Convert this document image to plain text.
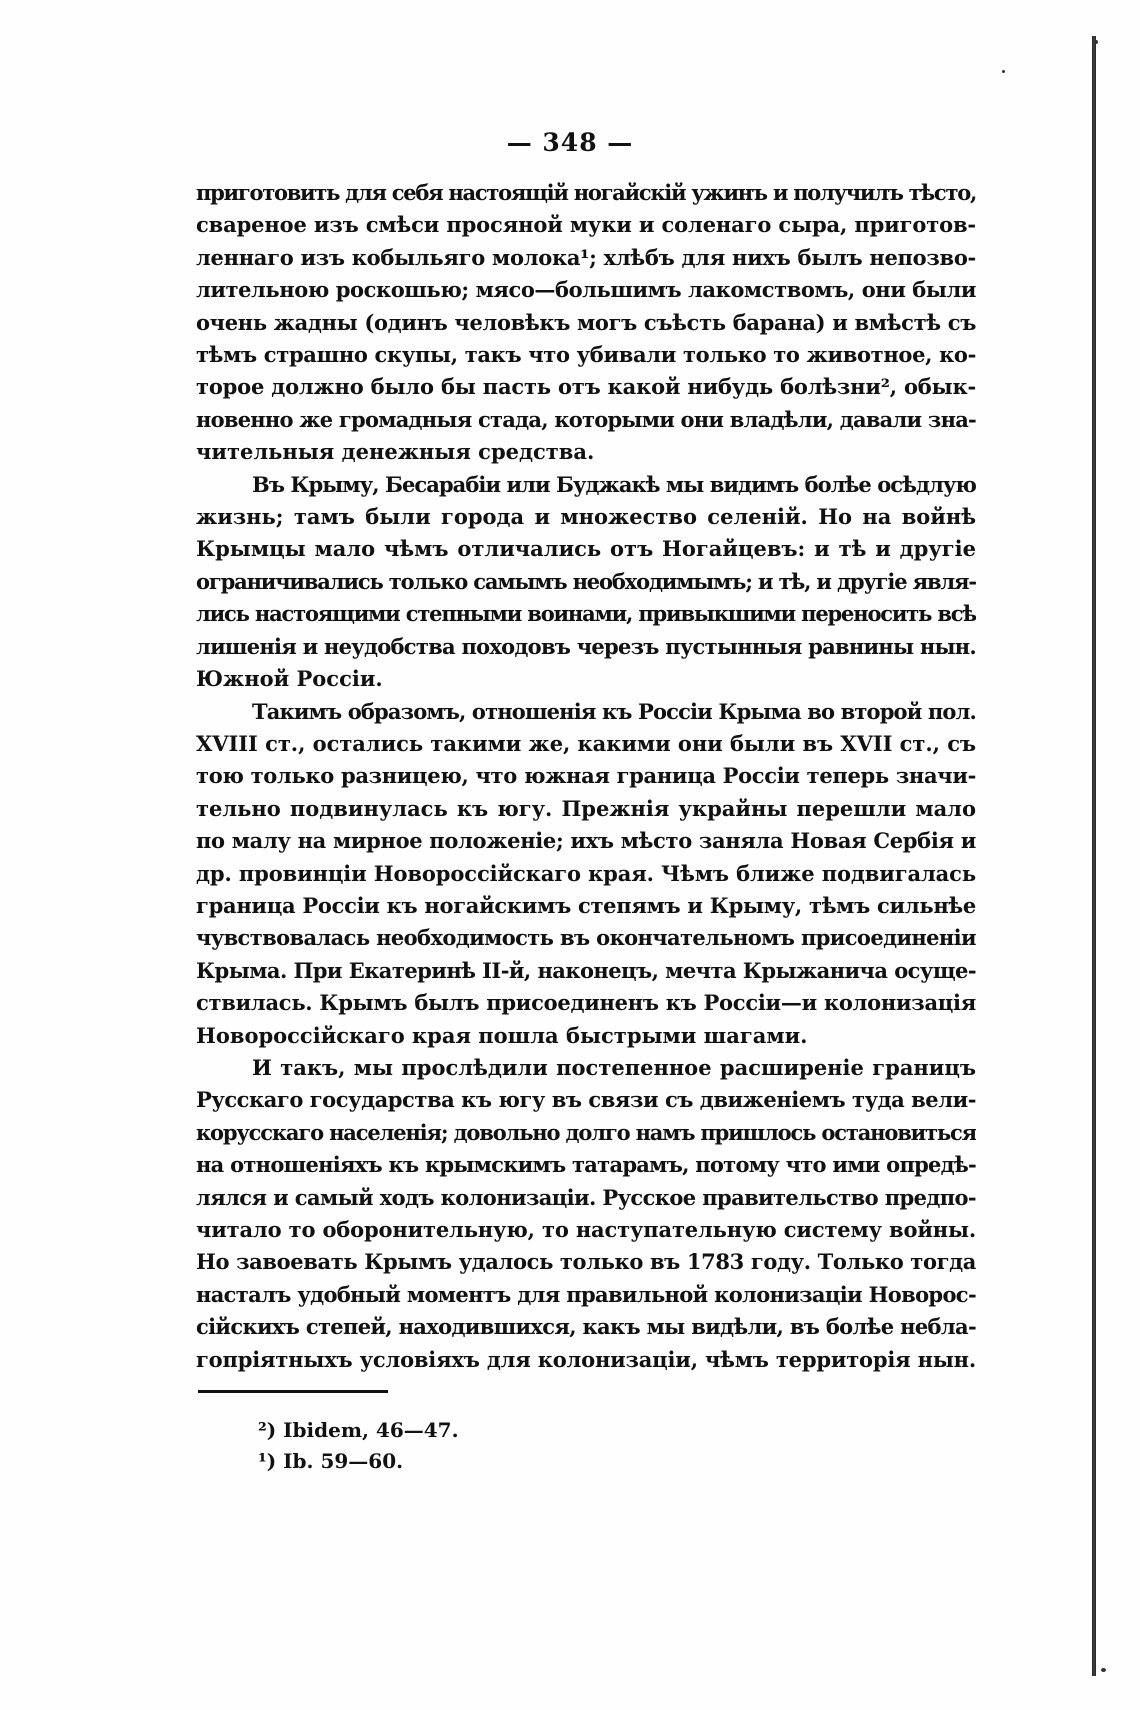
— 348 —
приготовить для себя настоящій ногайскій ужинъ и получилъ тѣсто,
свареное изъ смѣси просяной муки и соленаго сыра, приготов-
леннаго изъ кобыльяго молока¹; хлѣбъ для нихъ былъ непозво-
лительною роскошью; мясо—большимъ лакомствомъ, они были
очень жадны (одинъ человѣкъ могъ съѣсть барана) и вмѣстѣ съ
тѣмъ страшно скупы, такъ что убивали только то животное, ко-
торое должно было бы пасть отъ какой нибудь болѣзни², обык-
новенно же громадныя стада, которыми они владѣли, давали зна-
чительныя денежныя средства.
Въ Крыму, Бесарабіи или Буджакѣ мы видимъ болѣе осѣдлую
жизнь; тамъ были города и множество селеній. Но на войнѣ
Крымцы мало чѣмъ отличались отъ Ногайцевъ: и тѣ и другіе
ограничивались только самымъ необходимымъ; и тѣ, и другіе явля-
лись настоящими степными воинами, привыкшими переносить всѣ
лишенія и неудобства походовъ черезъ пустынныя равнины нын.
Южной Россіи.
Такимъ образомъ, отношенія къ Россіи Крыма во второй пол.
XVIII ст., остались такими же, какими они были въ XVII ст., съ
тою только разницею, что южная граница Россіи теперь значи-
тельно подвинулась къ югу. Прежнія украйны перешли мало
по малу на мирное положеніе; ихъ мѣсто заняла Новая Сербія и
др. провинціи Новороссійскаго края. Чѣмъ ближе подвигалась
граница Россіи къ ногайскимъ степямъ и Крыму, тѣмъ сильнѣе
чувствовалась необходимость въ окончательномъ присоединеніи
Крыма. При Екатеринѣ II-й, наконецъ, мечта Крыжанича осуще-
ствилась. Крымъ былъ присоединенъ къ Россіи—и колонизація
Новороссійскаго края пошла быстрыми шагами.
И такъ, мы прослѣдили постепенное расширеніе границъ
Русскаго государства къ югу въ связи съ движеніемъ туда вели-
корусскаго населенія; довольно долго намъ пришлось остановиться
на отношеніяхъ къ крымскимъ татарамъ, потому что ими опредѣ-
лялся и самый ходъ колонизаціи. Русское правительство предпо-
читало то оборонительную, то наступательную систему войны.
Но завоевать Крымъ удалось только въ 1783 году. Только тогда
насталъ удобный моментъ для правильной колонизаціи Новорос-
сійскихъ степей, находившихся, какъ мы видѣли, въ болѣе небла-
гопріятныхъ условіяхъ для колонизаціи, чѣмъ территорія нын.
²) Ibidem, 46—47.
¹) Ib. 59—60.
